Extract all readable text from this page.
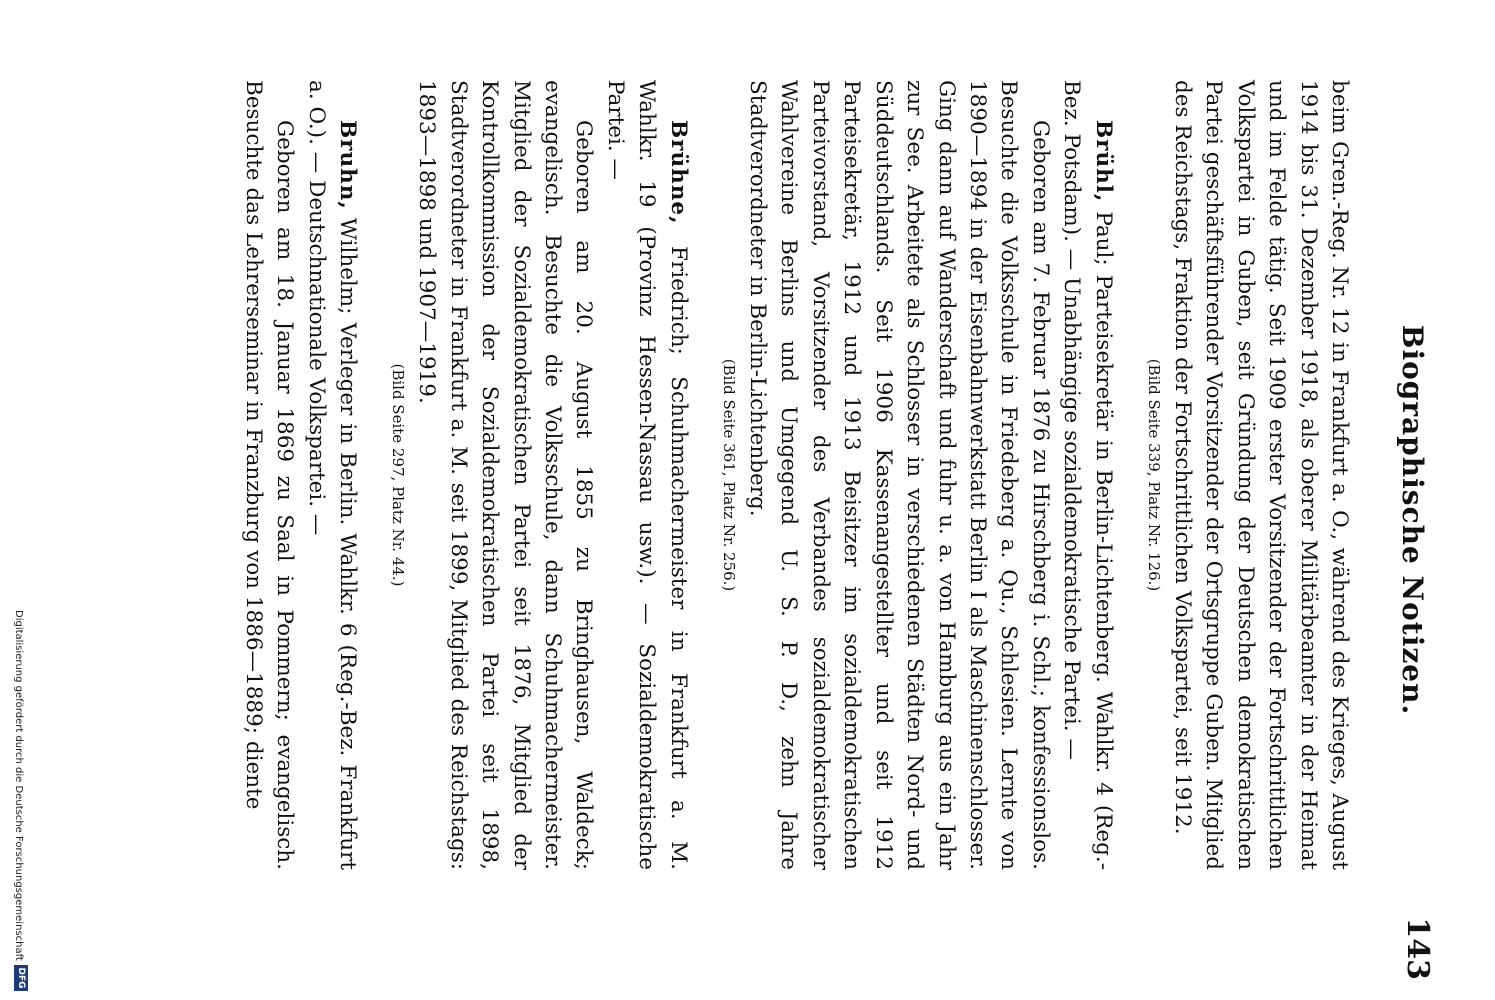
Biographische Notizen.
143

beim Gren.-Reg. Nr. 12 in Frankfurt a. O., während des Krieges, August 1914 bis 31. Dezember 1918, als oberer Militärbeamter in der Heimat und im Felde tätig. Seit 1909 erster Vorsitzender der Fortschrittlichen Volkspartei in Guben, seit Gründung der Deutschen demokratischen Partei geschäftsführender Vorsitzender der Ortsgruppe Guben. Mitglied des Reichstags, Fraktion der Fortschrittlichen Volkspartei, seit 1912.

(Bild Seite 339, Platz Nr. 126.)

Brühl, Paul; Parteisekretär in Berlin-Lichtenberg. Wahlkr. 4 (Reg.-Bez. Potsdam). — Unabhängige sozialdemokratische Partei. —

Geboren am 7. Februar 1876 zu Hirschberg i. Schl.; konfessionslos. Besuchte die Volksschule in Friedeberg a. Qu., Schlesien. Lernte von 1890—1894 in der Eisenbahnwerkstatt Berlin I als Maschinenschlosser. Ging dann auf Wanderschaft und fuhr u. a. von Hamburg aus ein Jahr zur See. Arbeitete als Schlosser in verschiedenen Städten Nord- und Süddeutschlands. Seit 1906 Kassenangestellter und seit 1912 Parteisekretär, 1912 und 1913 Beisitzer im sozialdemokratischen Parteivorstand, Vorsitzender des Verbandes sozialdemokratischer Wahlvereine Berlins und Umgegend U. S. P. D., zehn Jahre Stadtverordneter in Berlin-Lichtenberg.

(Bild Seite 361, Platz Nr. 256.)

Brühne, Friedrich; Schuhmachermeister in Frankfurt a. M. Wahlkr. 19 (Provinz Hessen-Nassau usw.). — Sozialdemokratische Partei. —

Geboren am 20. August 1855 zu Bringhausen, Waldeck; evangelisch. Besuchte die Volksschule, dann Schuhmachermeister. Mitglied der Sozialdemokratischen Partei seit 1876, Mitglied der Kontrollkommission der Sozialdemokratischen Partei seit 1898, Stadtverordneter in Frankfurt a. M. seit 1899, Mitglied des Reichstags: 1893—1898 und 1907—1919.

(Bild Seite 297, Platz Nr. 44.)

Bruhn, Wilhelm; Verleger in Berlin. Wahlkr. 6 (Reg.-Bez. Frankfurt a. O.). — Deutschnationale Volkspartei. —

Geboren am 18. Januar 1869 zu Saal in Pommern; evangelisch. Besuchte das Lehrerseminar in Franzburg von 1886—1889; diente

Digitalisierung gefördert durch die Deutsche Forschungsgemeinschaft
DFG
